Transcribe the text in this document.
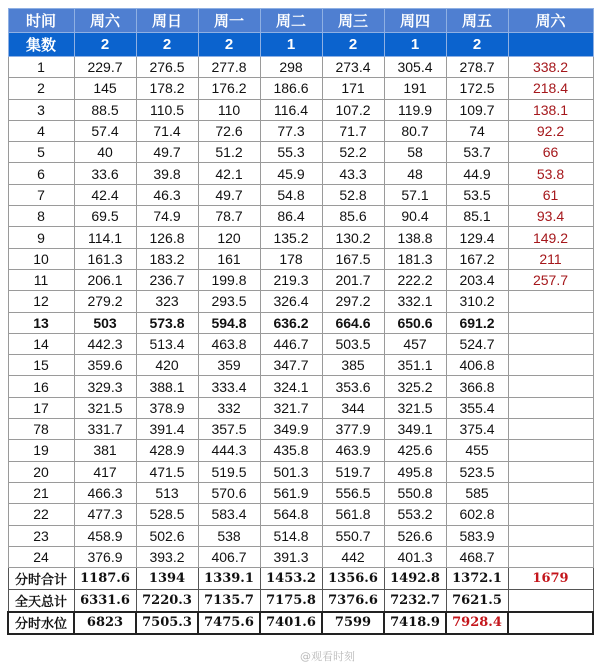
时间	周六	周日	周一	周二	周三	周四	周五	周六
集数	2	2	2	1	2	1	2	
1	229.7	276.5	277.8	298	273.4	305.4	278.7	338.2
2	145	178.2	176.2	186.6	171	191	172.5	218.4
3	88.5	110.5	110	116.4	107.2	119.9	109.7	138.1
4	57.4	71.4	72.6	77.3	71.7	80.7	74	92.2
5	40	49.7	51.2	55.3	52.2	58	53.7	66
6	33.6	39.8	42.1	45.9	43.3	48	44.9	53.8
7	42.4	46.3	49.7	54.8	52.8	57.1	53.5	61
8	69.5	74.9	78.7	86.4	85.6	90.4	85.1	93.4
9	114.1	126.8	120	135.2	130.2	138.8	129.4	149.2
10	161.3	183.2	161	178	167.5	181.3	167.2	211
11	206.1	236.7	199.8	219.3	201.7	222.2	203.4	257.7
12	279.2	323	293.5	326.4	297.2	332.1	310.2	
13	503	573.8	594.8	636.2	664.6	650.6	691.2	
14	442.3	513.4	463.8	446.7	503.5	457	524.7	
15	359.6	420	359	347.7	385	351.1	406.8	
16	329.3	388.1	333.4	324.1	353.6	325.2	366.8	
17	321.5	378.9	332	321.7	344	321.5	355.4	
78	331.7	391.4	357.5	349.9	377.9	349.1	375.4	
19	381	428.9	444.3	435.8	463.9	425.6	455	
20	417	471.5	519.5	501.3	519.7	495.8	523.5	
21	466.3	513	570.6	561.9	556.5	550.8	585	
22	477.3	528.5	583.4	564.8	561.8	553.2	602.8	
23	458.9	502.6	538	514.8	550.7	526.6	583.9	
24	376.9	393.2	406.7	391.3	442	401.3	468.7	
分时合计	1187.6	1394	1339.1	1453.2	1356.6	1492.8	1372.1	1679
全天总计	6331.6	7220.3	7135.7	7175.8	7376.6	7232.7	7621.5	
分时水位	6823	7505.3	7475.6	7401.6	7599	7418.9	7928.4	
@观看时刻
